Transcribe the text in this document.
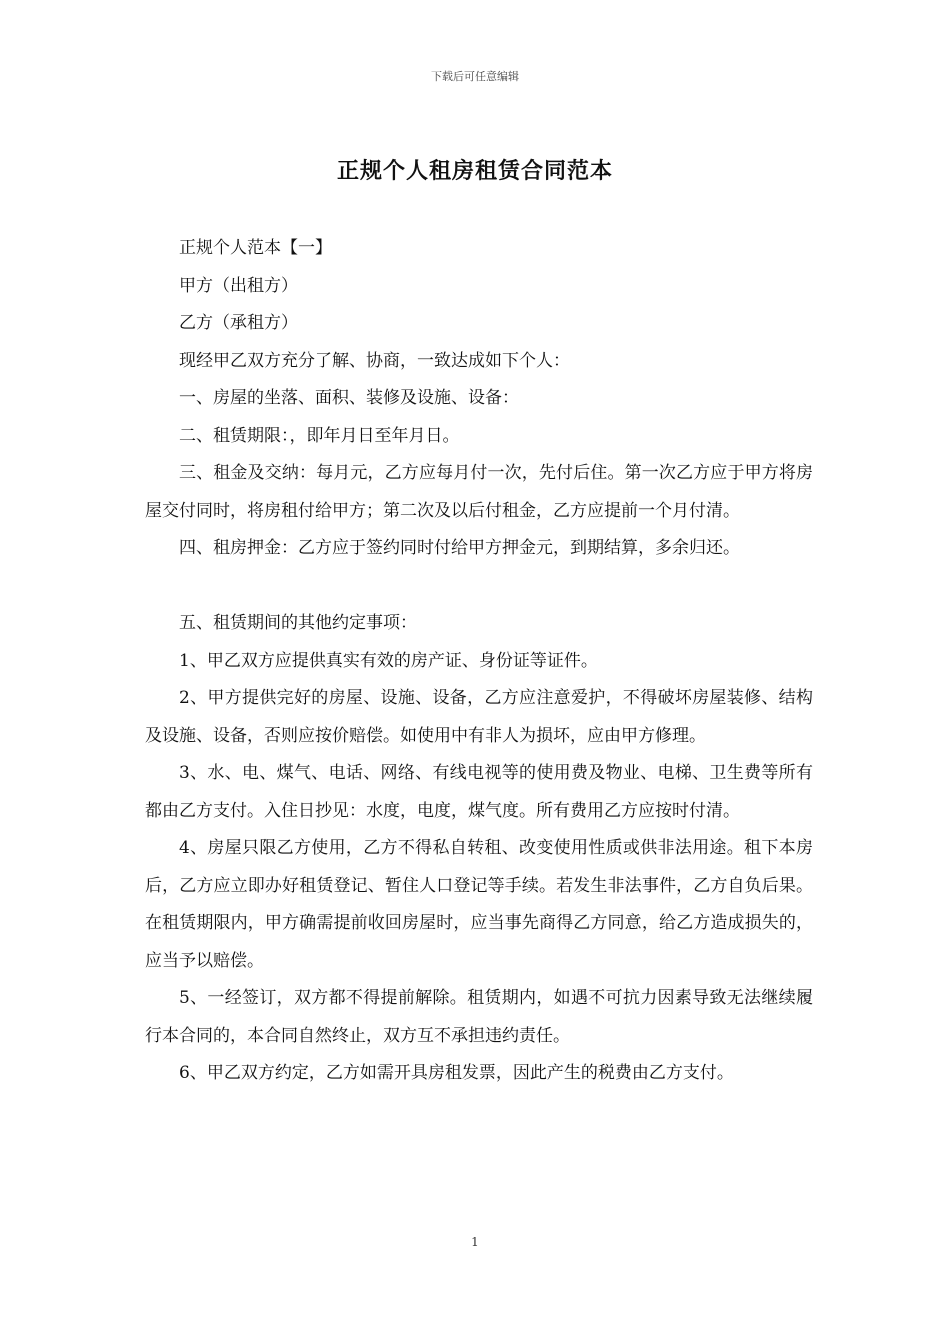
下载后可任意编辑
正规个人租房租赁合同范本

正规个人范本【一】

甲方（出租方）

乙方（承租方）

现经甲乙双方充分了解、协商，一致达成如下个人：

一、房屋的坐落、面积、装修及设施、设备：

二、租赁期限：，即年月日至年月日。

三、租金及交纳：每月元，乙方应每月付一次，先付后住。第一次乙方应于甲方将房屋交付同时，将房租付给甲方；第二次及以后付租金，乙方应提前一个月付清。

四、租房押金：乙方应于签约同时付给甲方押金元，到期结算，多余归还。

五、租赁期间的其他约定事项：

1、甲乙双方应提供真实有效的房产证、身份证等证件。

2、甲方提供完好的房屋、设施、设备，乙方应注意爱护，不得破坏房屋装修、结构及设施、设备，否则应按价赔偿。如使用中有非人为损坏，应由甲方修理。

3、水、电、煤气、电话、网络、有线电视等的使用费及物业、电梯、卫生费等所有都由乙方支付。入住日抄见：水度，电度，煤气度。所有费用乙方应按时付清。

4、房屋只限乙方使用，乙方不得私自转租、改变使用性质或供非法用途。租下本房后，乙方应立即办好租赁登记、暂住人口登记等手续。若发生非法事件，乙方自负后果。在租赁期限内，甲方确需提前收回房屋时，应当事先商得乙方同意，给乙方造成损失的，应当予以赔偿。

5、一经签订，双方都不得提前解除。租赁期内，如遇不可抗力因素导致无法继续履行本合同的，本合同自然终止，双方互不承担违约责任。

6、甲乙双方约定，乙方如需开具房租发票，因此产生的税费由乙方支付。

1
